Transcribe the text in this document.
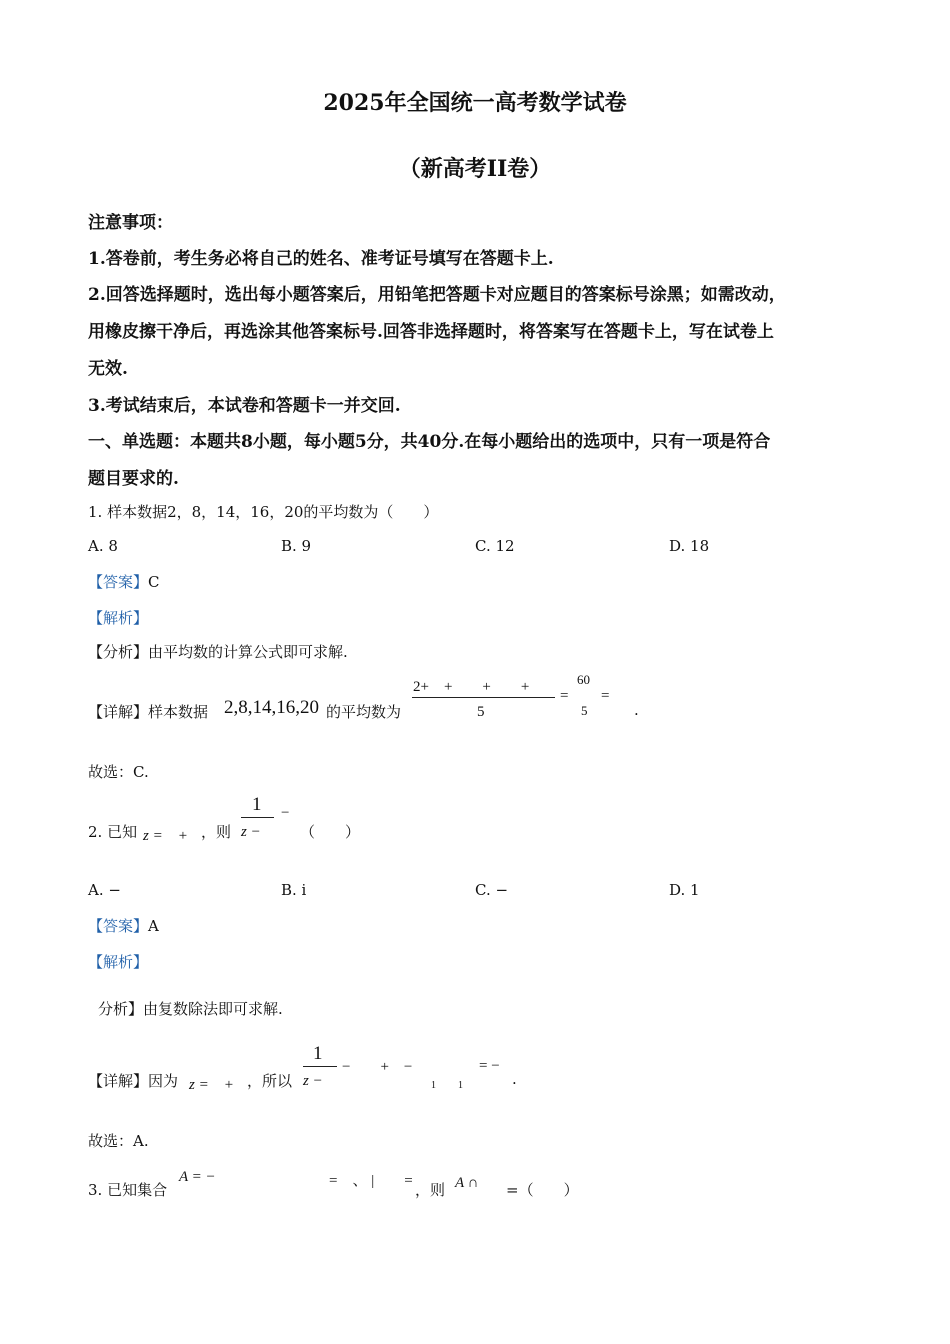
2025年全国统一高考数学试卷
（新高考II卷）
注意事项：
1.答卷前，考生务必将自己的姓名、准考证号填写在答题卡上.
2.回答选择题时，选出每小题答案后，用铅笔把答题卡对应题目的答案标号涂黑；如需改动，
用橡皮擦干净后，再选涂其他答案标号.回答非选择题时，将答案写在答题卡上，写在试卷上
无效.
3.考试结束后，本试卷和答题卡一并交回.
一、单选题：本题共8小题，每小题5分，共40分.在每小题给出的选项中，只有一项是符合
题目要求的.
1. 样本数据2，8，14，16，20的平均数为（　　）
A. 8	B. 9	C. 12	D. 18
【答案】C
【解析】
【分析】由平均数的计算公式即可求解.
【详解】样本数据 2,8,14,16,20 的平均数为
2+　+　　+　　+
5
=
60
5
=
.
故选：C.
2. 已知 z =　+ ，则
1
z −
−
（　　）
A. −	B. i	C. −	D. 1
【答案】A
【解析】
分析】由复数除法即可求解.
【详解】因为 z =　+ ，所以
1
z −
−　　+　−
1 1
= −
.
故选：A.
3. 已知集合
A = −	=　、 |　　= ，则 A ∩ =（　　）
